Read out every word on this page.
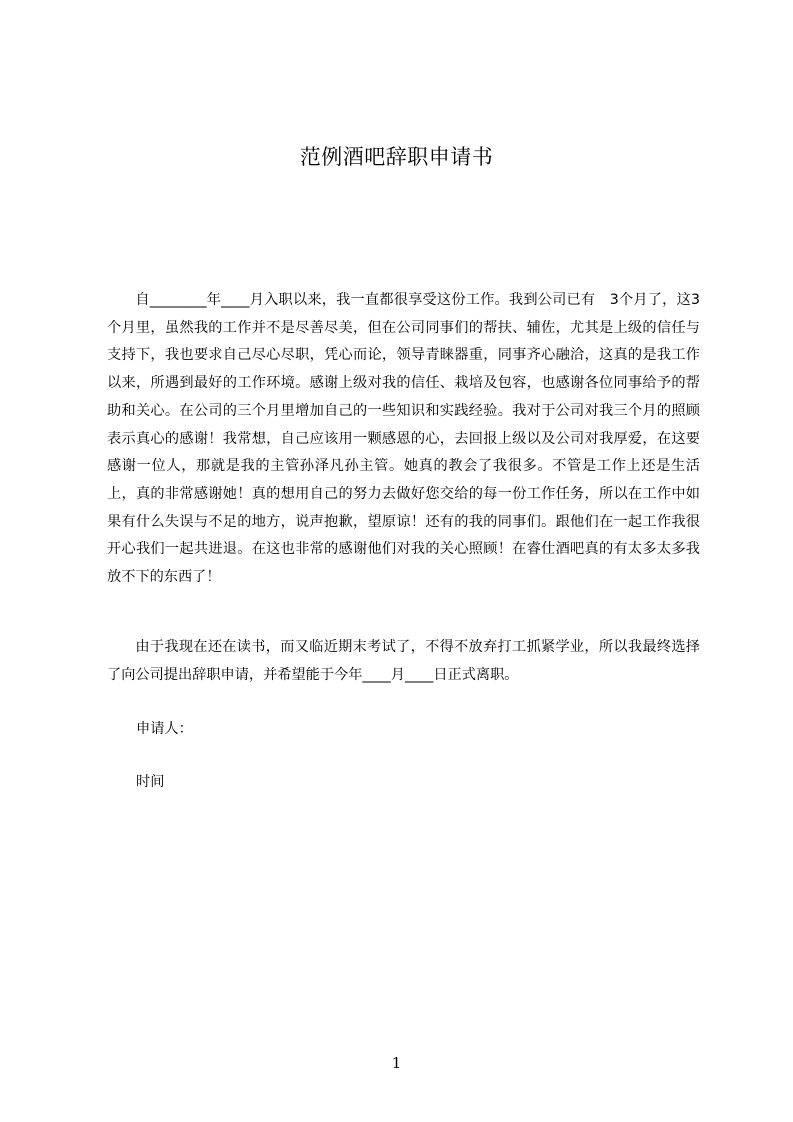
范例酒吧辞职申请书

自________年____月入职以来，我一直都很享受这份工作。我到公司已有　3个月了，这3个月里，虽然我的工作并不是尽善尽美，但在公司同事们的帮扶、辅佐，尤其是上级的信任与支持下，我也要求自己尽心尽职，凭心而论，领导青睐器重，同事齐心融洽，这真的是我工作以来，所遇到最好的工作环境。感谢上级对我的信任、栽培及包容，也感谢各位同事给予的帮助和关心。在公司的三个月里增加自己的一些知识和实践经验。我对于公司对我三个月的照顾表示真心的感谢！我常想，自己应该用一颗感恩的心，去回报上级以及公司对我厚爱，在这要感谢一位人，那就是我的主管孙泽凡孙主管。她真的教会了我很多。不管是工作上还是生活上，真的非常感谢她！真的想用自己的努力去做好您交给的每一份工作任务，所以在工作中如果有什么失误与不足的地方，说声抱歉，望原谅！还有的我的同事们。跟他们在一起工作我很开心我们一起共进退。在这也非常的感谢他们对我的关心照顾！在睿仕酒吧真的有太多太多我放不下的东西了！

由于我现在还在读书，而又临近期末考试了，不得不放弃打工抓紧学业，所以我最终选择了向公司提出辞职申请，并希望能于今年____月____日正式离职。

申请人：
时间
1
